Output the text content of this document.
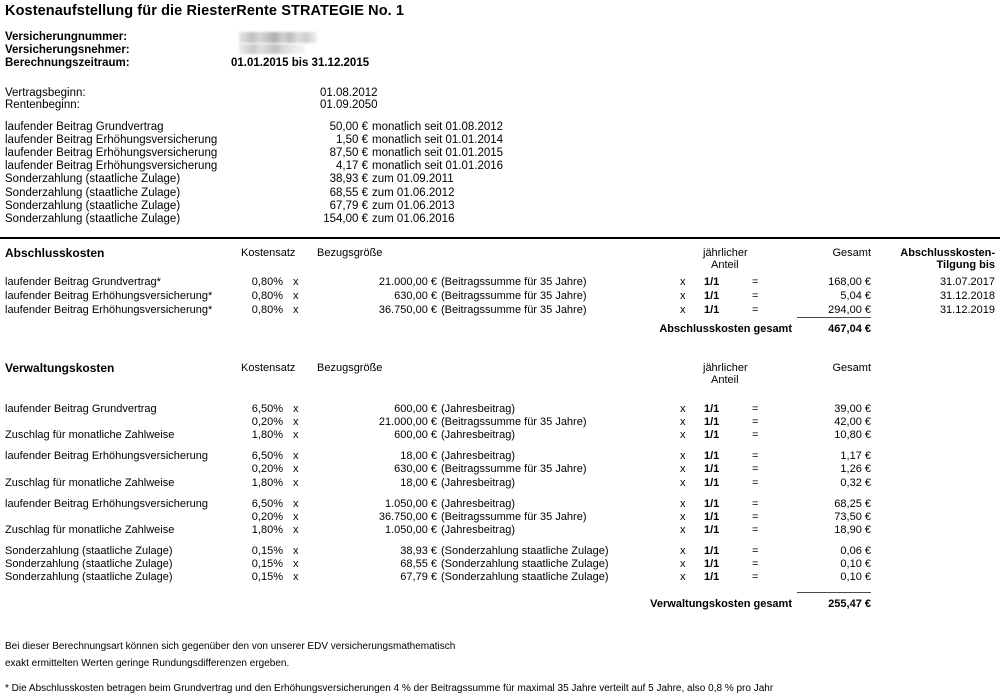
Kostenaufstellung für die RiesterRente STRATEGIE No. 1
Versicherungnummer:
Versicherungsnehmer:
Berechnungszeitraum:	01.01.2015 bis 31.12.2015
Vertragsbeginn:	01.08.2012
Rentenbeginn:	01.09.2050
laufender Beitrag Grundvertrag	50,00 € monatlich seit 01.08.2012
laufender Beitrag Erhöhungsversicherung	1,50 € monatlich seit 01.01.2014
laufender Beitrag Erhöhungsversicherung	87,50 € monatlich seit 01.01.2015
laufender Beitrag Erhöhungsversicherung	4,17 € monatlich seit 01.01.2016
Sonderzahlung (staatliche Zulage)	38,93 € zum 01.09.2011
Sonderzahlung (staatliche Zulage)	68,55 € zum 01.06.2012
Sonderzahlung (staatliche Zulage)	67,79 € zum 01.06.2013
Sonderzahlung (staatliche Zulage)	154,00 € zum 01.06.2016
Abschlusskosten	Kostensatz Bezugsgröße	jährlicher
Anteil
Gesamt	Abschlusskosten-
Tilgung bis
laufender Beitrag Grundvertrag*	0,80% x	21.000,00 € (Beitragssumme für 35 Jahre)	x 1/1	=	168,00 €	31.07.2017
laufender Beitrag Erhöhungsversicherung*	0,80% x	630,00 € (Beitragssumme für 35 Jahre)	x 1/1	=	5,04 €	31.12.2018
laufender Beitrag Erhöhungsversicherung*	0,80% x	36.750,00 € (Beitragssumme für 35 Jahre)	x 1/1	=	294,00 €	31.12.2019
Abschlusskosten gesamt	467,04 €
Verwaltungskosten	Kostensatz Bezugsgröße	jährlicher
Anteil
Gesamt
laufender Beitrag Grundvertrag	6,50% x	600,00 € (Jahresbeitrag)	x 1/1	=	39,00 €
0,20% x	21.000,00 € (Beitragssumme für 35 Jahre)	x 1/1	=	42,00 €
Zuschlag für monatliche Zahlweise	1,80% x	600,00 € (Jahresbeitrag)	x 1/1	=	10,80 €
laufender Beitrag Erhöhungsversicherung	6,50% x	18,00 € (Jahresbeitrag)	x 1/1	=	1,17 €
0,20% x	630,00 € (Beitragssumme für 35 Jahre)	x 1/1	=	1,26 €
Zuschlag für monatliche Zahlweise	1,80% x	18,00 € (Jahresbeitrag)	x 1/1	=	0,32 €
laufender Beitrag Erhöhungsversicherung	6,50% x	1.050,00 € (Jahresbeitrag)	x 1/1	=	68,25 €
0,20% x	36.750,00 € (Beitragssumme für 35 Jahre)	x 1/1	=	73,50 €
Zuschlag für monatliche Zahlweise	1,80% x	1.050,00 € (Jahresbeitrag)	x 1/1	=	18,90 €
Sonderzahlung (staatliche Zulage)	0,15% x	38,93 € (Sonderzahlung staatliche Zulage)	x 1/1	=	0,06 €
Sonderzahlung (staatliche Zulage)	0,15% x	68,55 € (Sonderzahlung staatliche Zulage)	x 1/1	=	0,10 €
Sonderzahlung (staatliche Zulage)	0,15% x	67,79 € (Sonderzahlung staatliche Zulage)	x 1/1	=	0,10 €
Verwaltungskosten gesamt	255,47 €
Bei dieser Berechnungsart können sich gegenüber den von unserer EDV versicherungsmathematisch
exakt ermittelten Werten geringe Rundungsdifferenzen ergeben.
* Die Abschlusskosten betragen beim Grundvertrag und den Erhöhungsversicherungen 4 % der Beitragssumme für maximal 35 Jahre verteilt auf 5 Jahre, also 0,8 % pro Jahr
